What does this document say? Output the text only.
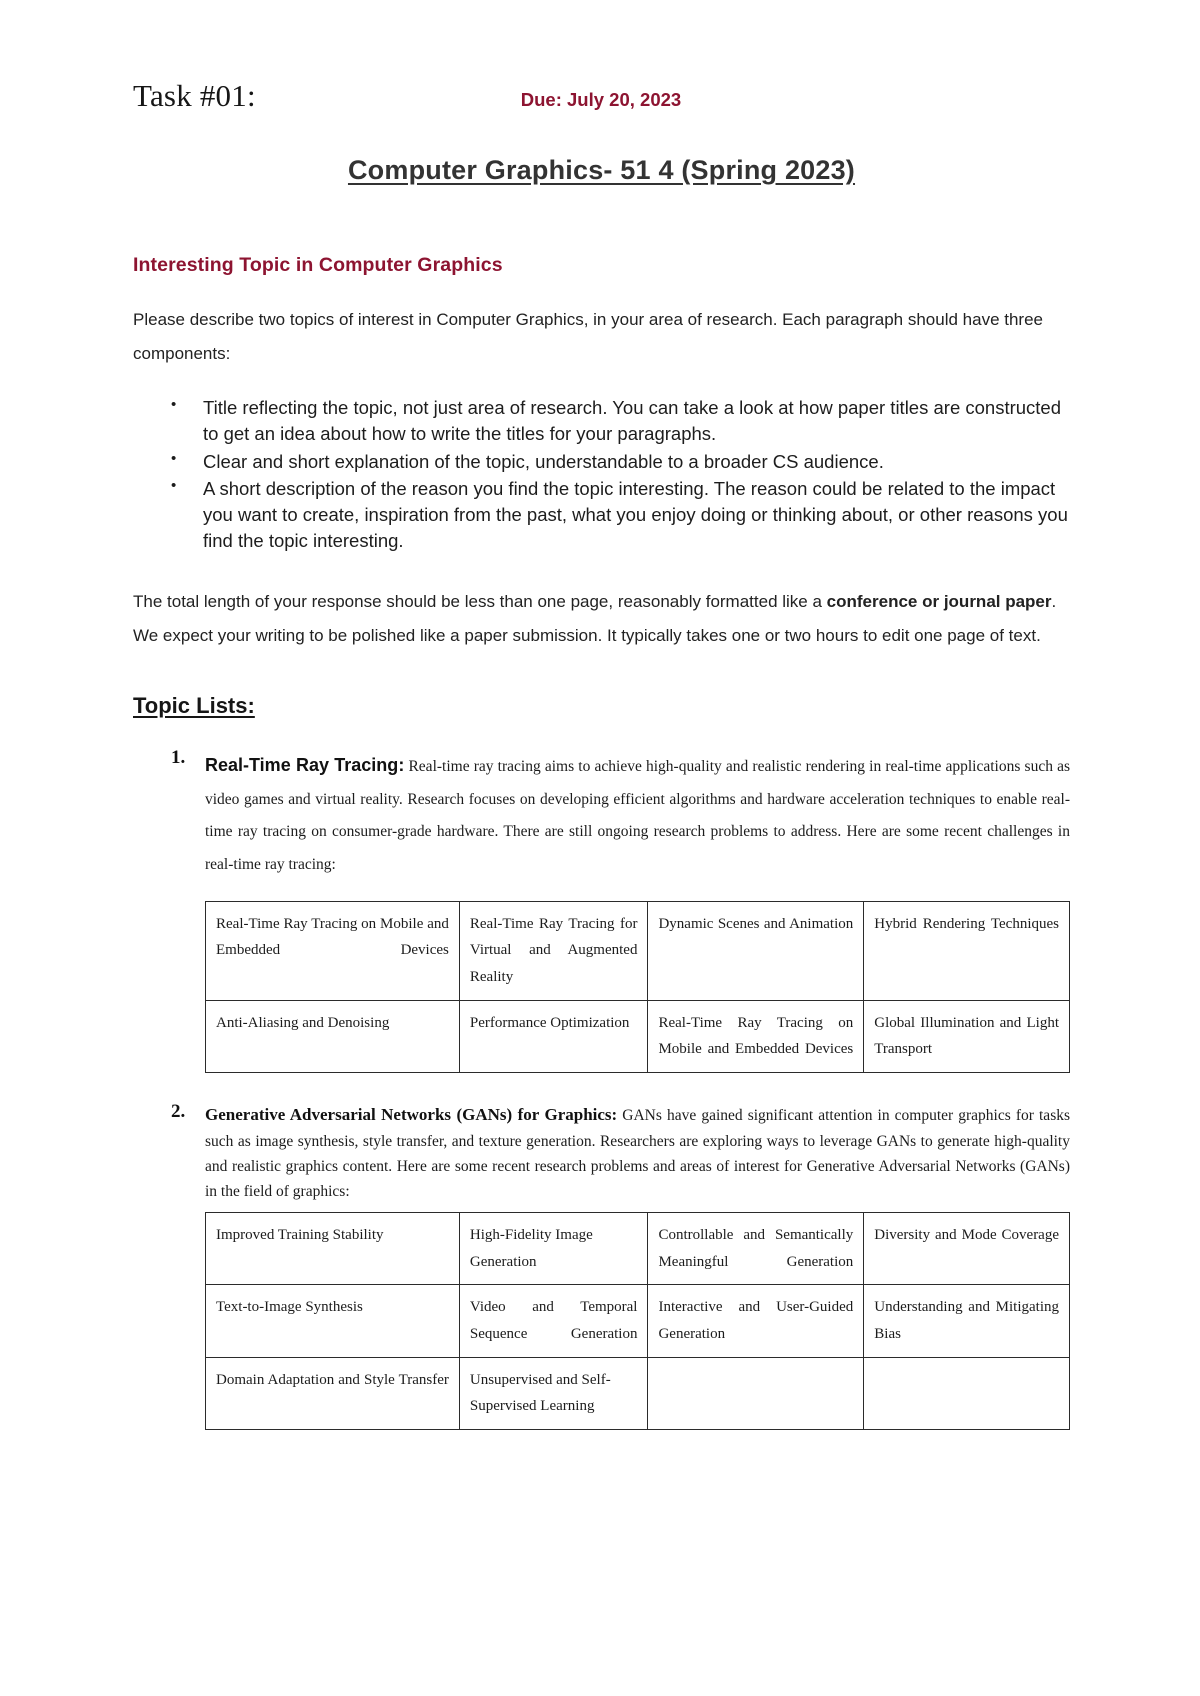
Task #01:	Due: July 20, 2023
Computer Graphics- 51 4 (Spring 2023)
Interesting Topic in Computer Graphics
Please describe two topics of interest in Computer Graphics, in your area of research. Each paragraph should have three components:
• Title reflecting the topic, not just area of research. You can take a look at how paper titles are constructed to get an idea about how to write the titles for your paragraphs.
• Clear and short explanation of the topic, understandable to a broader CS audience.
• A short description of the reason you find the topic interesting. The reason could be related to the impact you want to create, inspiration from the past, what you enjoy doing or thinking about, or other reasons you find the topic interesting.
The total length of your response should be less than one page, reasonably formatted like a conference or journal paper. We expect your writing to be polished like a paper submission. It typically takes one or two hours to edit one page of text.
Topic Lists:
1. Real-Time Ray Tracing: Real-time ray tracing aims to achieve high-quality and realistic rendering in real-time applications such as video games and virtual reality. Research focuses on developing efficient algorithms and hardware acceleration techniques to enable real-time ray tracing on consumer-grade hardware. There are still ongoing research problems to address. Here are some recent challenges in real-time ray tracing:
Real-Time Ray Tracing on Mobile and Embedded Devices	Real-Time Ray Tracing for Virtual and Augmented Reality	Dynamic Scenes and Animation	Hybrid Rendering Techniques
Anti-Aliasing and Denoising	Performance Optimization	Real-Time Ray Tracing on Mobile and Embedded Devices	Global Illumination and Light Transport
2. Generative Adversarial Networks (GANs) for Graphics: GANs have gained significant attention in computer graphics for tasks such as image synthesis, style transfer, and texture generation. Researchers are exploring ways to leverage GANs to generate high-quality and realistic graphics content. Here are some recent research problems and areas of interest for Generative Adversarial Networks (GANs) in the field of graphics:
Improved Training Stability	High-Fidelity Image Generation	Controllable and Semantically Meaningful Generation	Diversity and Mode Coverage
Text-to-Image Synthesis	Video and Temporal Sequence Generation	Interactive and User-Guided Generation	Understanding and Mitigating Bias
Domain Adaptation and Style Transfer	Unsupervised and Self-Supervised Learning		
